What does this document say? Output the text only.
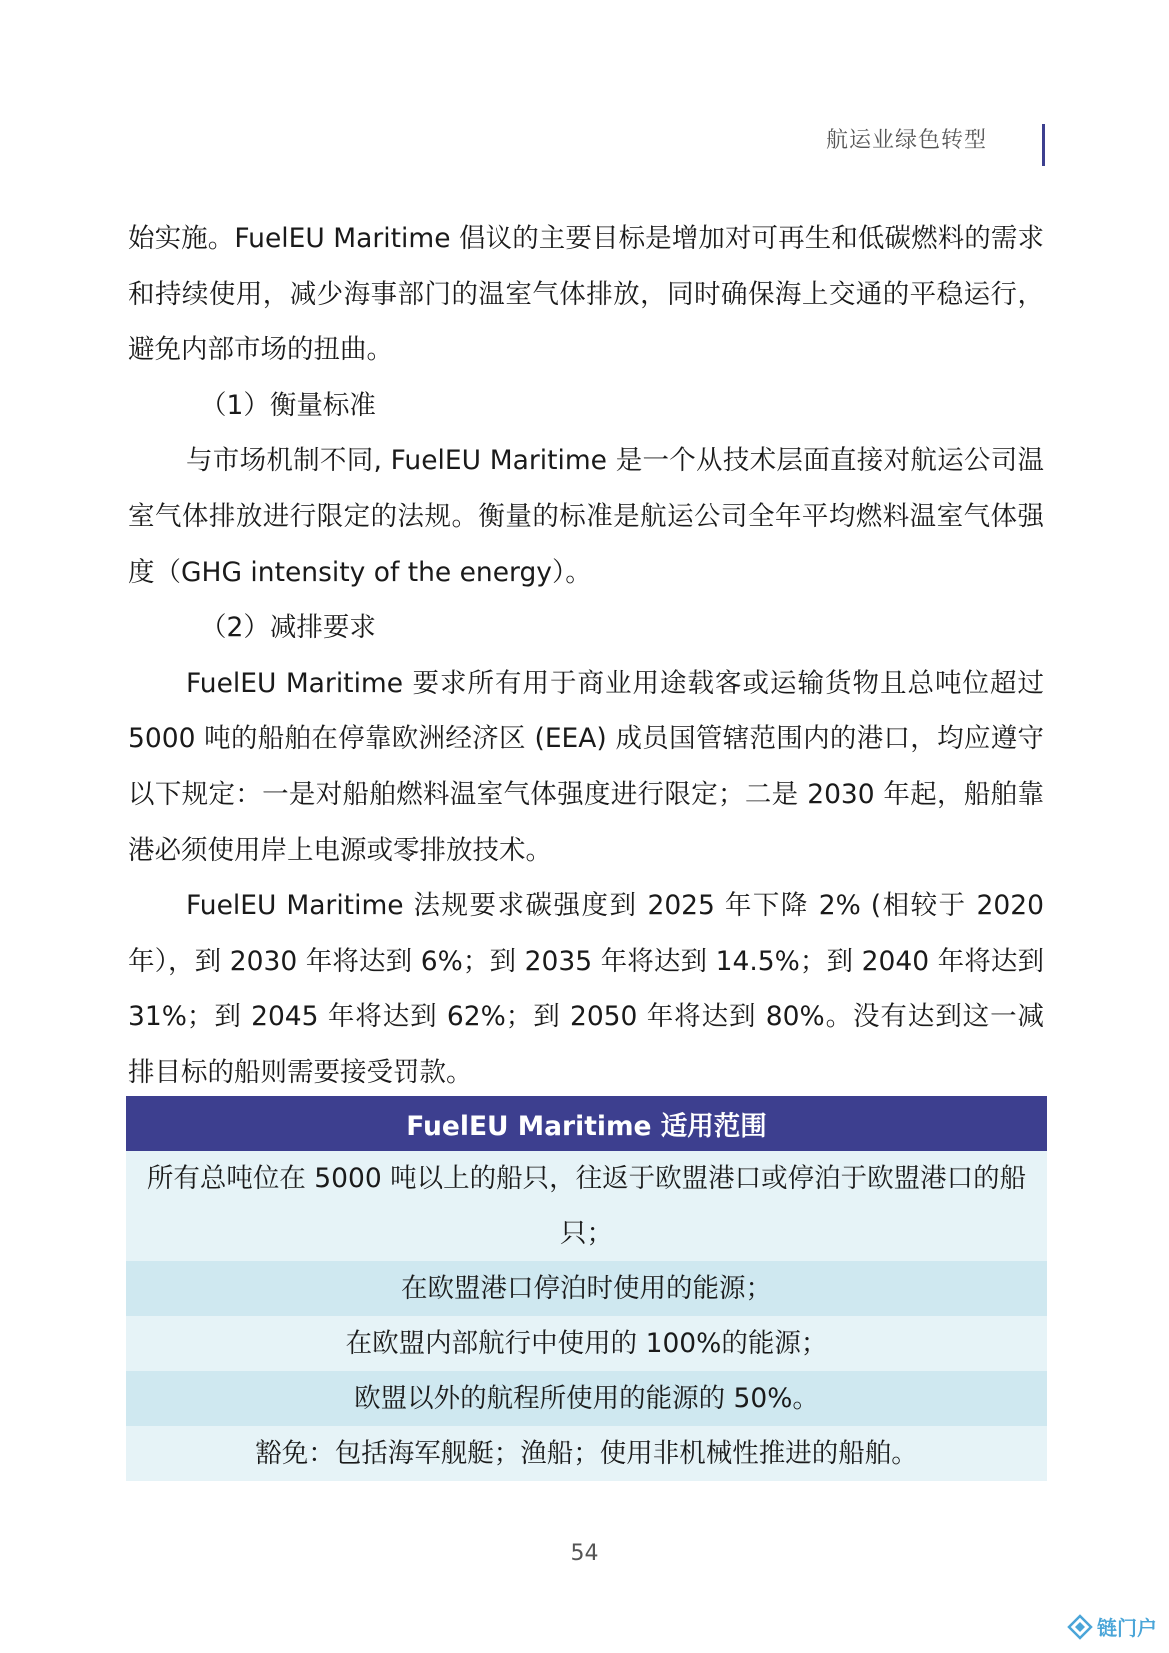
航运业绿色转型

始实施。FuelEU Maritime 倡议的主要目标是增加对可再生和低碳燃料的需求和持续使用，减少海事部门的温室气体排放，同时确保海上交通的平稳运行，避免内部市场的扭曲。

（1）衡量标准

与市场机制不同, FuelEU Maritime 是一个从技术层面直接对航运公司温室气体排放进行限定的法规。衡量的标准是航运公司全年平均燃料温室气体强度（GHG intensity of the energy）。

（2）减排要求

FuelEU Maritime 要求所有用于商业用途载客或运输货物且总吨位超过 5000 吨的船舶在停靠欧洲经济区 (EEA) 成员国管辖范围内的港口，均应遵守以下规定：一是对船舶燃料温室气体强度进行限定；二是 2030 年起，船舶靠港必须使用岸上电源或零排放技术。

FuelEU Maritime 法规要求碳强度到 2025 年下降 2% (相较于 2020 年），到 2030 年将达到 6%；到 2035 年将达到 14.5%；到 2040 年将达到 31%；到 2045 年将达到 62%；到 2050 年将达到 80%。没有达到这一减排目标的船则需要接受罚款。

FuelEU Maritime 适用范围
所有总吨位在 5000 吨以上的船只，往返于欧盟港口或停泊于欧盟港口的船只；
在欧盟港口停泊时使用的能源；
在欧盟内部航行中使用的 100%的能源；
欧盟以外的航程所使用的能源的 50%。
豁免：包括海军舰艇；渔船；使用非机械性推进的船舶。
54
链门户
